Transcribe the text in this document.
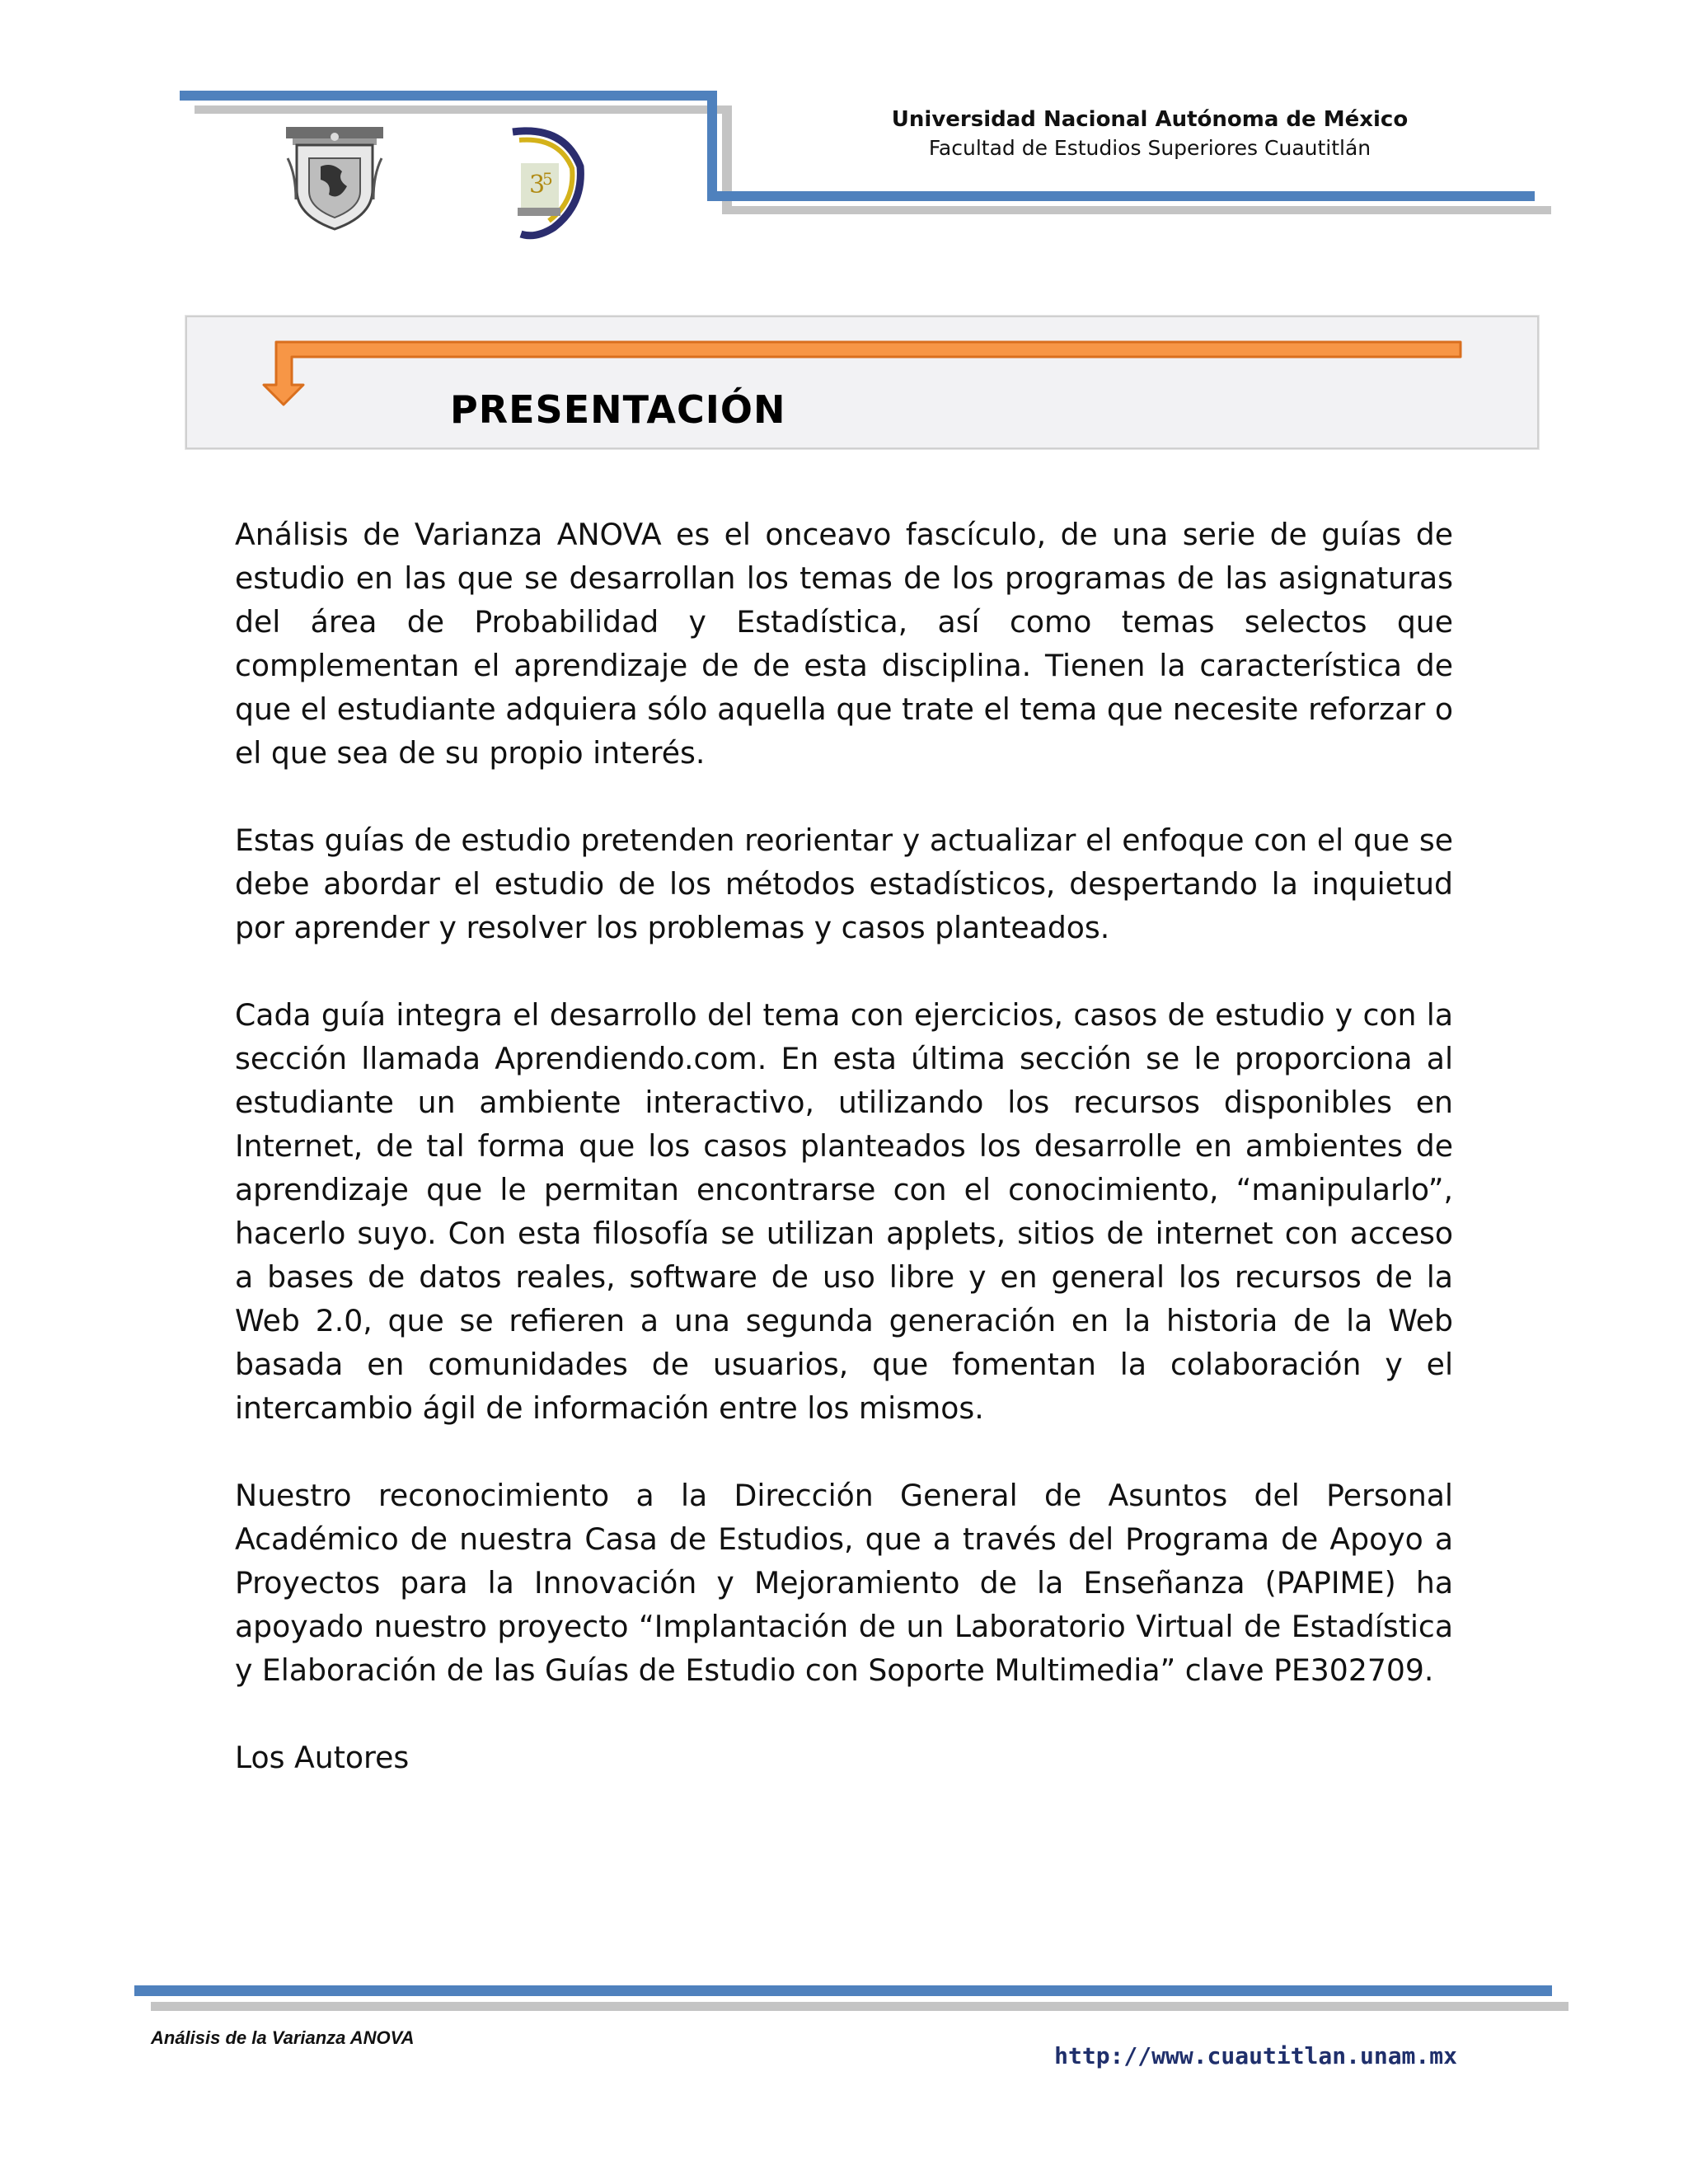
3
5
Universidad Nacional Autónoma de México
Facultad de Estudios Superiores Cuautitlán
PRESENTACIÓN

Análisis de Varianza ANOVA es el onceavo fascículo, de una serie de guías de estudio en las que se desarrollan los temas de los programas de las asignaturas del área de Probabilidad y Estadística, así como temas selectos que complementan el aprendizaje de de esta disciplina. Tienen la característica de que el estudiante adquiera sólo aquella que trate el tema que necesite reforzar o el que sea de su propio interés.

Estas guías de estudio pretenden reorientar y actualizar el enfoque con el que se debe abordar el estudio de los métodos estadísticos, despertando la inquietud por aprender y resolver los problemas y casos planteados.

Cada guía integra el desarrollo del tema con ejercicios, casos de estudio y con la sección llamada Aprendiendo.com. En esta última sección se le proporciona al estudiante un ambiente interactivo, utilizando los recursos disponibles en Internet, de tal forma que los casos planteados los desarrolle en ambientes de aprendizaje que le permitan encontrarse con el conocimiento, “manipularlo”, hacerlo suyo. Con esta filosofía se utilizan applets, sitios de internet con acceso a bases de datos reales, software de uso libre y en general los recursos de la Web 2.0, que se refieren a una segunda generación en la historia de la Web basada en comunidades de usuarios, que fomentan la colaboración y el intercambio ágil de información entre los mismos.

Nuestro reconocimiento a la Dirección General de Asuntos del Personal Académico de nuestra Casa de Estudios, que a través del Programa de Apoyo a Proyectos para la Innovación y Mejoramiento de la Enseñanza (PAPIME) ha apoyado nuestro proyecto “Implantación de un Laboratorio Virtual de Estadística y Elaboración de las Guías de Estudio con Soporte Multimedia” clave PE302709.

Los Autores

Análisis de la Varianza ANOVA
http://www.cuautitlan.unam.mx
